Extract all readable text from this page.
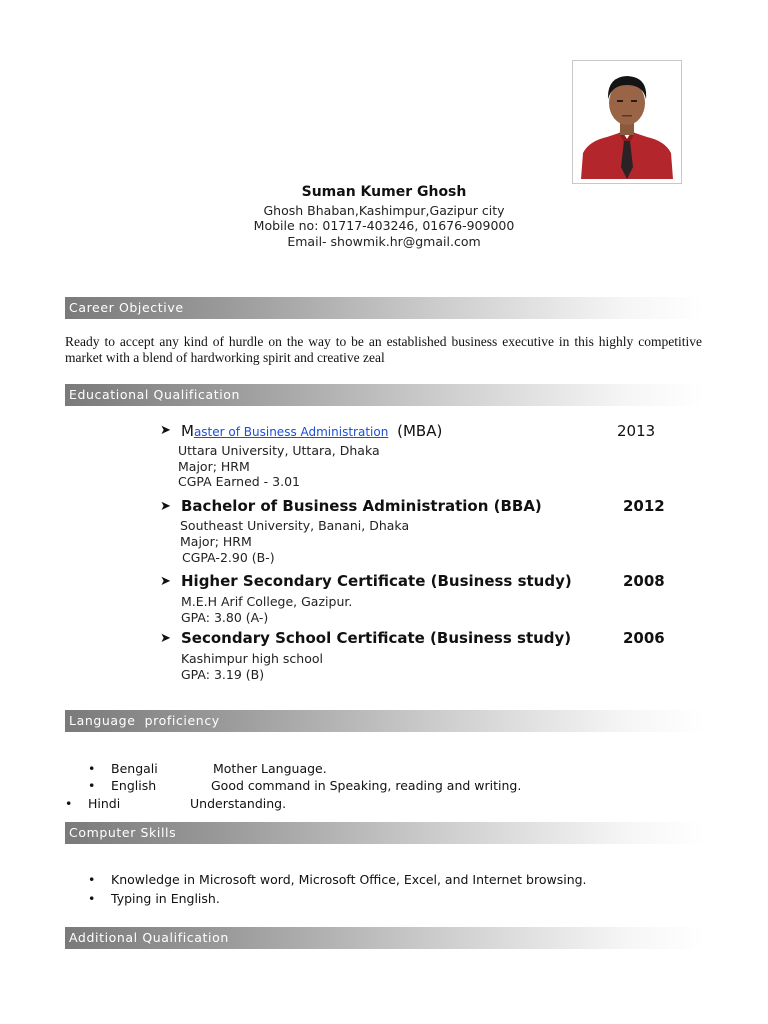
Suman Kumer Ghosh
Ghosh Bhaban,Kashimpur,Gazipur city
Mobile no: 01717-403246, 01676-909000
Email- showmik.hr@gmail.com
Career Objective
Ready to accept any kind of hurdle on the way to be an established business executive in this highly competitive market with a blend of hardworking spirit and creative zeal
Educational Qualification
➤ Master of Business Administration (MBA)	2013
Uttara University, Uttara, Dhaka
Major; HRM
CGPA Earned - 3.01
➤ Bachelor of Business Administration (BBA)	2012
Southeast University, Banani, Dhaka
Major; HRM
CGPA-2.90 (B-)
➤ Higher Secondary Certificate (Business study)	2008
M.E.H Arif College, Gazipur.
GPA: 3.80 (A-)
➤ Secondary School Certificate (Business study)	2006
Kashimpur high school
GPA: 3.19 (B)
Language  proficiency
• Bengali	Mother Language.
• English	Good command in Speaking, reading and writing.
• Hindi	Understanding.
Computer Skills
• Knowledge in Microsoft word, Microsoft Office, Excel, and Internet browsing.
• Typing in English.
Additional Qualification
